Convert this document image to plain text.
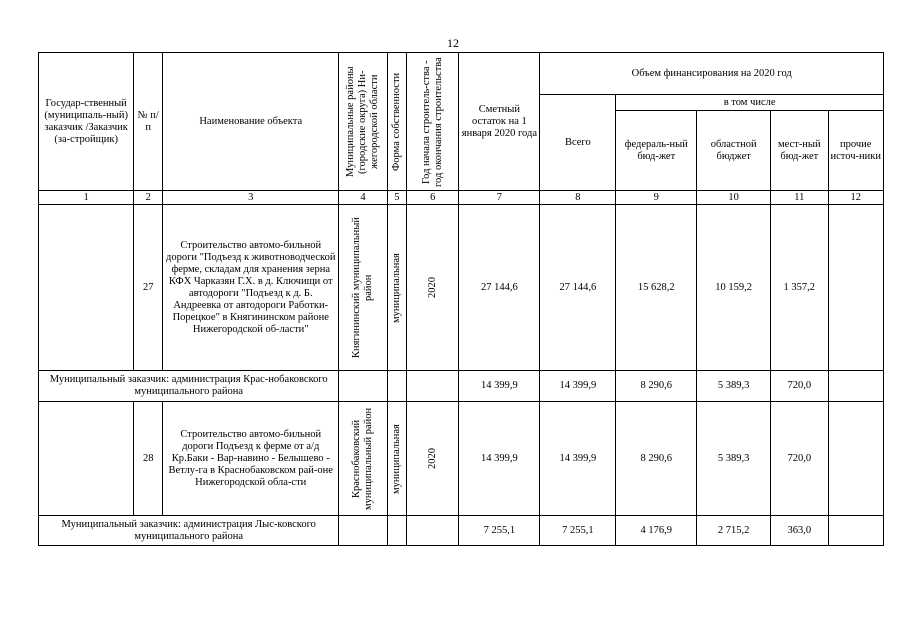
12
Государ-ственный (муниципаль-ный) заказчик /Заказчик (за-стройщик)	№ п/п	Наименование объекта	Муниципальные районы (городские округа) Ни-жегородской области	Форма собственности	Год начала строитель-ства - год окончания строительства	Сметный остаток на 1 января 2020 года	Объем финансирования на 2020 год				
							Всего	в том числе			
								федераль-ный бюд-жет	областной бюджет	мест-ный бюд-жет	прочие источ-ники
1	2	3	4	5	6	7	8	9	10	11	12
	27	Строительство автомо-бильной дороги "Подъезд к животноводческой ферме, складам для хранения зерна КФХ Чарказян Г.Х. в д. Ключищи от автодороги "Подъезд к д. Б. Андреевка от автодороги Работки-Порецкое" в Княгининском районе Нижегородской об-ласти"	Княгининский муниципальный район	муниципальная	2020	27 144,6	27 144,6	15 628,2	10 159,2	1 357,2	
Муниципальный заказчик: администрация Крас-нобаковского муниципального района						14 399,9	14 399,9	8 290,6	5 389,3	720,0	
	28	Строительство автомо-бильной дороги Подъезд к ферме от а/д Кр.Баки - Вар-навино - Белышево - Ветлу-га в Краснобаковском рай-оне Нижегородской обла-сти	Краснобаковский муниципальный район	муниципальная	2020	14 399,9	14 399,9	8 290,6	5 389,3	720,0	
Муниципальный заказчик: администрация Лыс-ковского муниципального района						7 255,1	7 255,1	4 176,9	2 715,2	363,0	
